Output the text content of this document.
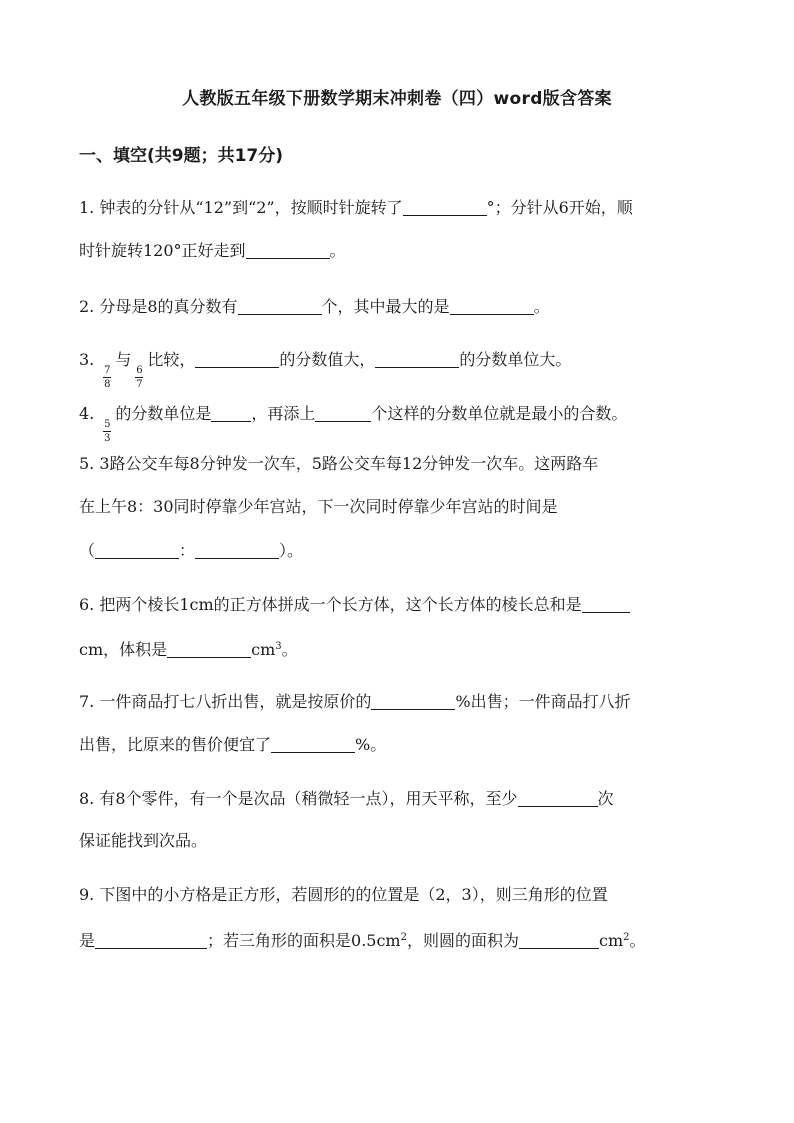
人教版五年级下册数学期末冲刺卷（四）word版含答案
一、填空(共9题；共17分)
1. 钟表的分针从“12”到“2”，按顺时针旋转了	°；分针从6开始，顺
时针旋转120°正好走到	。
2. 分母是8的真分数有	个，其中最大的是	。
3.
$\frac{7}{8}$
与
$\frac{6}{7}$
比较，	的分数值大，	的分数单位大。
4.
$\frac{5}{3}$
的分数单位是	，再添上	个这样的分数单位就是最小的合数。
5. 3路公交车每8分钟发一次车，5路公交车每12分钟发一次车。这两路车
在上午8：30同时停靠少年宫站，下一次同时停靠少年宫站的时间是
（	：	）。
6. 把两个棱长1cm的正方体拼成一个长方体，这个长方体的棱长总和是
cm，体积是	$cm^3$。
7. 一件商品打七八折出售，就是按原价的	%出售；一件商品打八折
出售，比原来的售价便宜了	%。
8. 有8个零件，有一个是次品（稍微轻一点），用天平称，至少	次
保证能找到次品。
9. 下图中的小方格是正方形，若圆形的的位置是（2，3），则三角形的位置
是	；若三角形的面积是$0.5cm^2$，则圆的面积为	$cm^2$。
